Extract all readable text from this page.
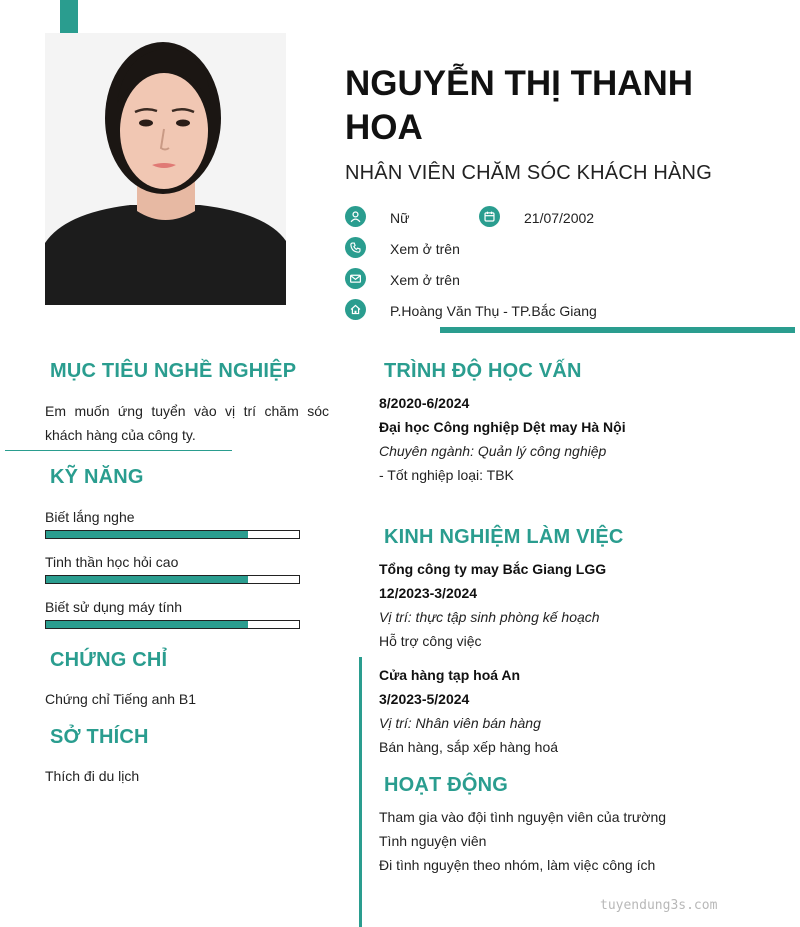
NGUYỄN THỊ THANH HOA
NHÂN VIÊN CHĂM SÓC KHÁCH HÀNG
Nữ	21/07/2002
Xem ở trên
Xem ở trên
P.Hoàng Văn Thụ - TP.Bắc Giang
MỤC TIÊU NGHỀ NGHIỆP
Em muốn ứng tuyển vào vị trí chăm sóc khách hàng của công ty.
KỸ NĂNG
Biết lắng nghe
Tinh thần học hỏi cao
Biết sử dụng máy tính
CHỨNG CHỈ
Chứng chỉ Tiếng anh B1
SỞ THÍCH
Thích đi du lịch
TRÌNH ĐỘ HỌC VẤN
8/2020-6/2024
Đại học Công nghiệp Dệt may Hà Nội
Chuyên ngành: Quản lý công nghiệp
- Tốt nghiệp loại: TBK
KINH NGHIỆM LÀM VIỆC
Tổng công ty may Bắc Giang LGG
12/2023-3/2024
Vị trí: thực tập sinh phòng kế hoạch
Hỗ trợ công việc
Cửa hàng tạp hoá An
3/2023-5/2024
Vị trí: Nhân viên bán hàng
Bán hàng, sắp xếp hàng hoá
HOẠT ĐỘNG
Tham gia vào đội tình nguyện viên của trường
Tình nguyện viên
Đi tình nguyện theo nhóm, làm việc công ích
tuyendung3s.com
